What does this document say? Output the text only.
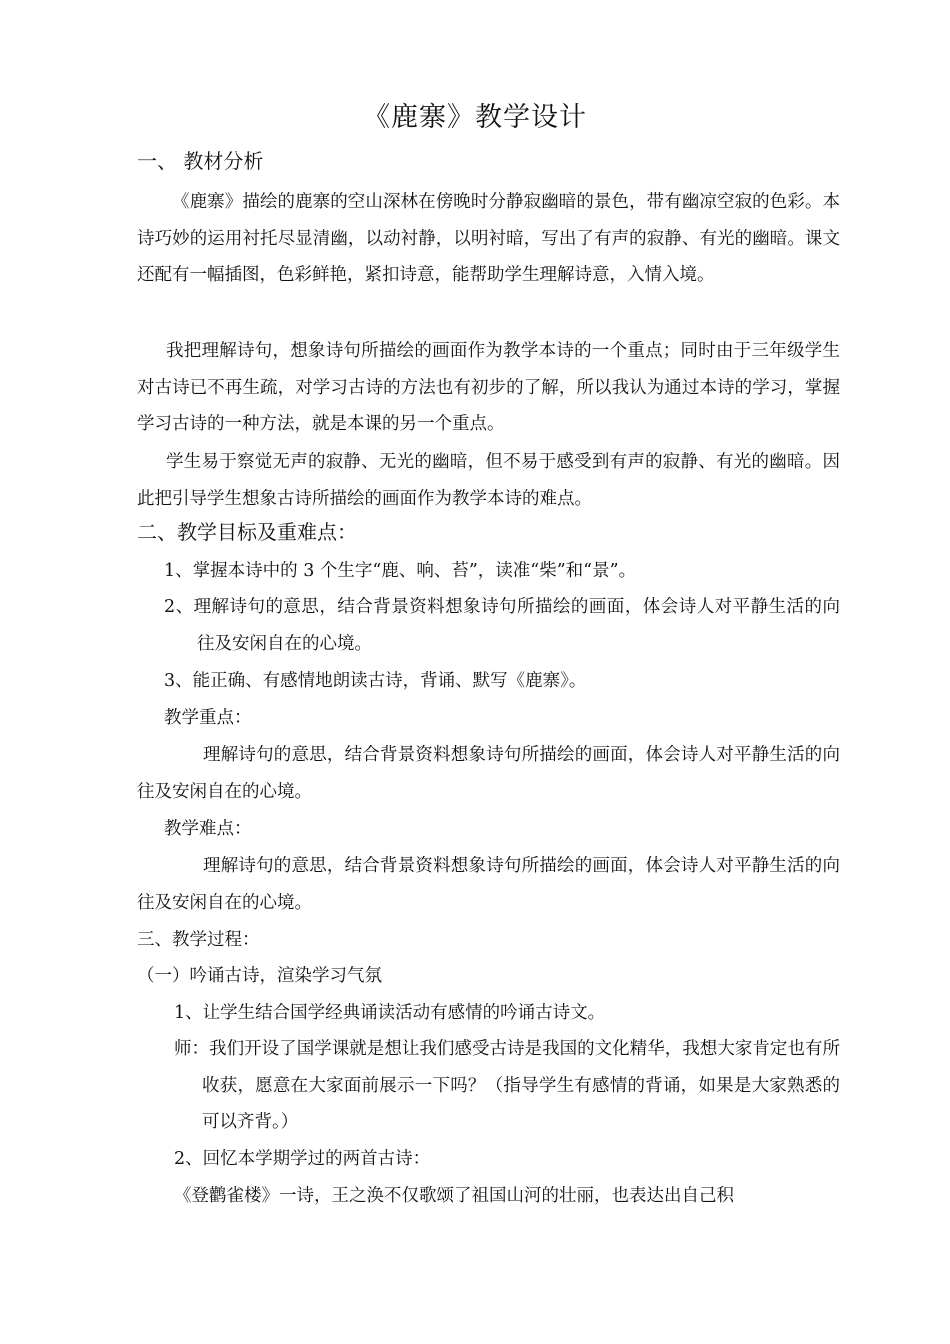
《鹿寨》教学设计
一、 教材分析
《鹿寨》描绘的鹿寨的空山深林在傍晚时分静寂幽暗的景色，带有幽凉空寂的色彩。本诗巧妙的运用衬托尽显清幽，以动衬静，以明衬暗，写出了有声的寂静、有光的幽暗。课文还配有一幅插图，色彩鲜艳，紧扣诗意，能帮助学生理解诗意，入情入境。
我把理解诗句，想象诗句所描绘的画面作为教学本诗的一个重点；同时由于三年级学生对古诗已不再生疏，对学习古诗的方法也有初步的了解，所以我认为通过本诗的学习，掌握学习古诗的一种方法，就是本课的另一个重点。
学生易于察觉无声的寂静、无光的幽暗，但不易于感受到有声的寂静、有光的幽暗。因此把引导学生想象古诗所描绘的画面作为教学本诗的难点。
二、教学目标及重难点：
1、掌握本诗中的 3 个生字“鹿、响、苔”，读准“柴”和“景”。
2、理解诗句的意思，结合背景资料想象诗句所描绘的画面，体会诗人对平静生活的向往及安闲自在的心境。
3、能正确、有感情地朗读古诗，背诵、默写《鹿寨》。
教学重点：
理解诗句的意思，结合背景资料想象诗句所描绘的画面，体会诗人对平静生活的向往及安闲自在的心境。
教学难点：
理解诗句的意思，结合背景资料想象诗句所描绘的画面，体会诗人对平静生活的向往及安闲自在的心境。
三、教学过程：
（一）吟诵古诗，渲染学习气氛
1、让学生结合国学经典诵读活动有感情的吟诵古诗文。
师：我们开设了国学课就是想让我们感受古诗是我国的文化精华，我想大家肯定也有所收获，愿意在大家面前展示一下吗？（指导学生有感情的背诵，如果是大家熟悉的可以齐背。）
2、回忆本学期学过的两首古诗：
《登鹳雀楼》一诗，王之涣不仅歌颂了祖国山河的壮丽，也表达出自己积
